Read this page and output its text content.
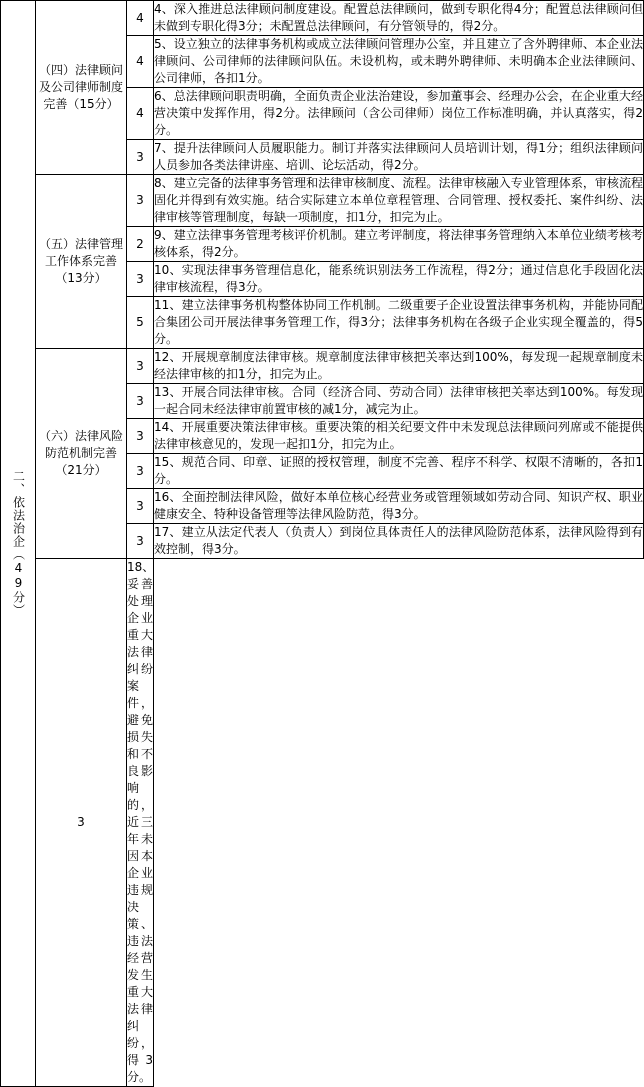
二、依法治企（49分）	（四）法律顾问及公司律师制度完善（15分）	4	4、深入推进总法律顾问制度建设。配置总法律顾问，做到专职化得4分；配置总法律顾问但未做到专职化得3分；未配置总法律顾问，有分管领导的，得2分。

		4	5、设立独立的法律事务机构或成立法律顾问管理办公室，并且建立了含外聘律师、本企业法律顾问、公司律师的法律顾问队伍。未设机构，或未聘外聘律师、未明确本企业法律顾问、公司律师，各扣1分。

		4	6、总法律顾问职责明确，全面负责企业法治建设，参加董事会、经理办公会，在企业重大经营决策中发挥作用，得2分。法律顾问（含公司律师）岗位工作标准明确，并认真落实，得2分。

		3	7、提升法律顾问人员履职能力。制订并落实法律顾问人员培训计划，得1分；组织法律顾问人员参加各类法律讲座、培训、论坛活动，得2分。

	（五）法律管理工作体系完善（13分）	3	8、建立完备的法律事务管理和法律审核制度、流程。法律审核融入专业管理体系，审核流程固化并得到有效实施。结合实际建立本单位章程管理、合同管理、授权委托、案件纠纷、法律审核等管理制度，每缺一项制度，扣1分，扣完为止。

		2	9、建立法律事务管理考核评价机制。建立考评制度，将法律事务管理纳入本单位业绩考核考核体系，得2分。

		3	10、实现法律事务管理信息化，能系统识别法务工作流程，得2分；通过信息化手段固化法律审核流程，得3分。

		5	11、建立法律事务机构整体协同工作机制。二级重要子企业设置法律事务机构，并能协同配合集团公司开展法律事务管理工作，得3分；法律事务机构在各级子企业实现全覆盖的，得5分。

	（六）法律风险防范机制完善（21分）	3	12、开展规章制度法律审核。规章制度法律审核把关率达到100%，每发现一起规章制度未经法律审核的扣1分，扣完为止。

		3	13、开展合同法律审核。合同（经济合同、劳动合同）法律审核把关率达到100%。每发现一起合同未经法律审前置审核的减1分，减完为止。

		3	14、开展重要决策法律审核。重要决策的相关纪要文件中未发现总法律顾问列席或不能提供法律审核意见的，发现一起扣1分，扣完为止。

		3	15、规范合同、印章、证照的授权管理，制度不完善、程序不科学、权限不清晰的，各扣1分。

		3	16、全面控制法律风险，做好本单位核心经营业务或管理领域如劳动合同、知识产权、职业健康安全、特种设备管理等法律风险防范，得3分。

		3	17、建立从法定代表人（负责人）到岗位具体责任人的法律风险防范体系，法律风险得到有效控制，得3分。

	3	18、妥善处理企业重大法律纠纷案件，避免损失和不良影响的，近三年未因本企业违规决策、违法经营发生重大法律纠纷，得3分。	
